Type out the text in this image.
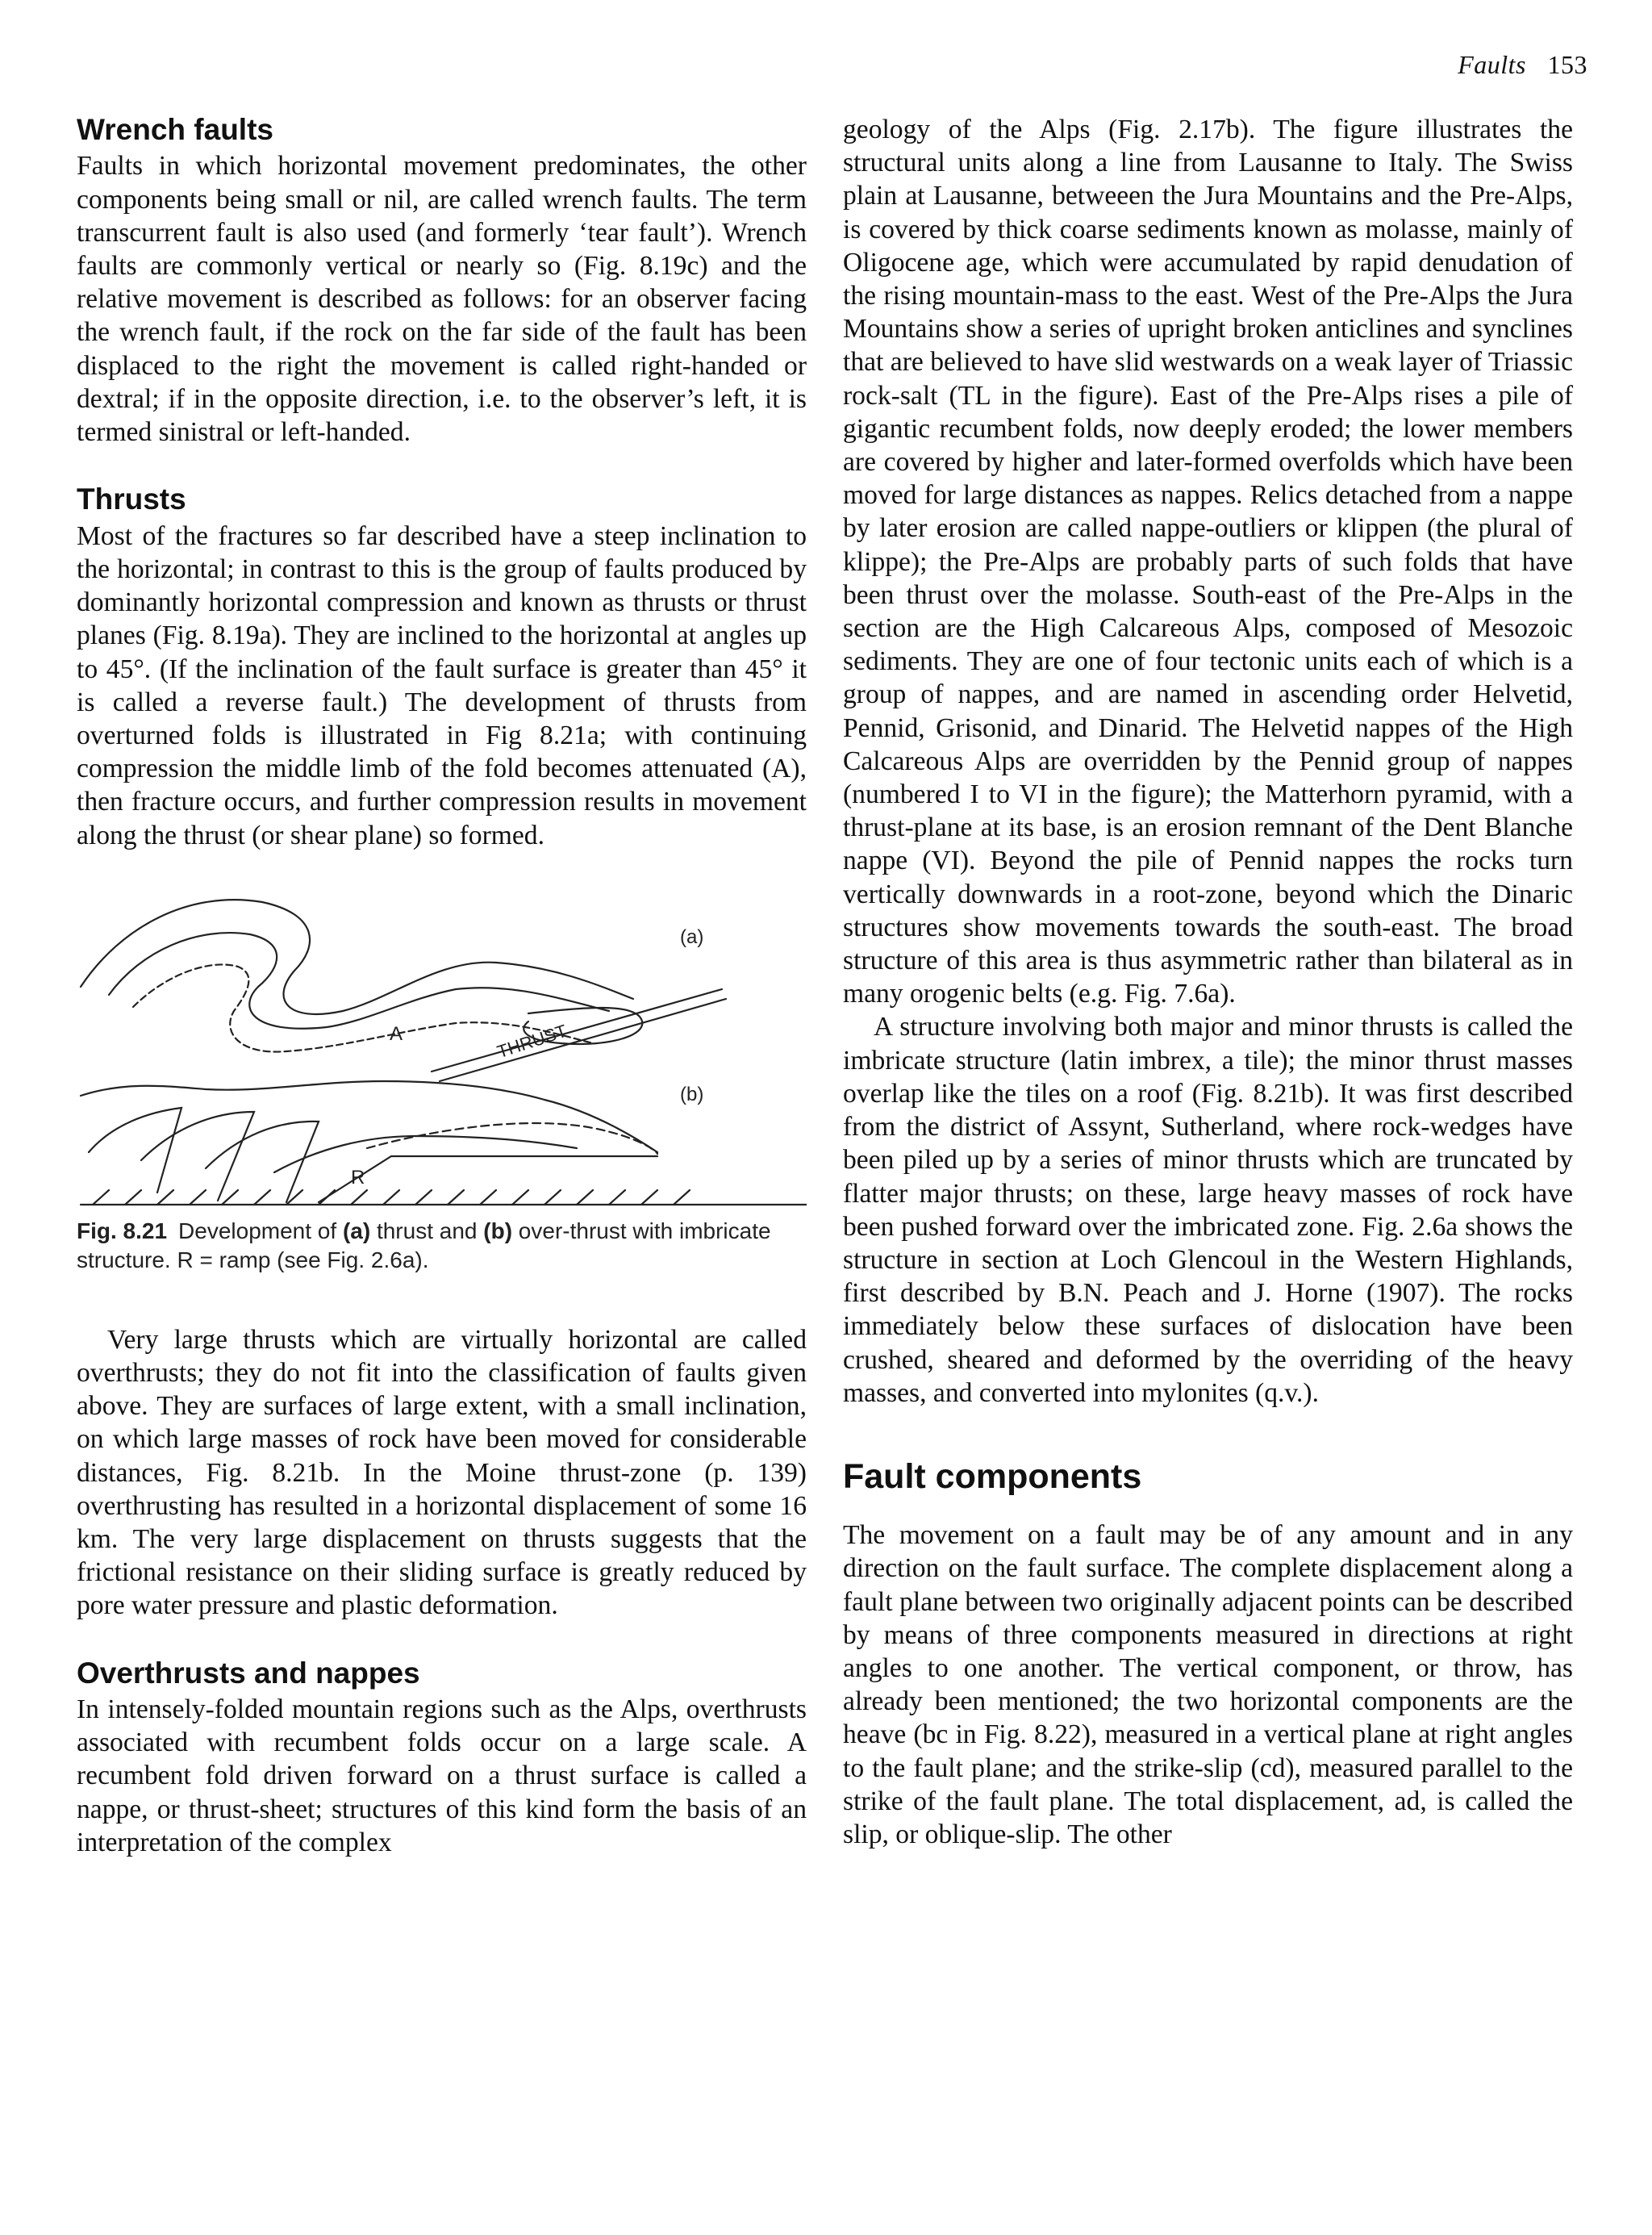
Faults 153
Wrench faults

Faults in which horizontal movement predominates, the other components being small or nil, are called wrench faults. The term transcurrent fault is also used (and formerly ‘tear fault’). Wrench faults are commonly vertical or nearly so (Fig. 8.19c) and the relative movement is described as follows: for an observer facing the wrench fault, if the rock on the far side of the fault has been displaced to the right the movement is called right-handed or dextral; if in the opposite direction, i.e. to the observer’s left, it is termed sinistral or left-handed.

Thrusts

Most of the fractures so far described have a steep inclination to the horizontal; in contrast to this is the group of faults produced by dominantly horizontal compression and known as thrusts or thrust planes (Fig. 8.19a). They are inclined to the horizontal at angles up to 45°. (If the inclination of the fault surface is greater than 45° it is called a reverse fault.) The development of thrusts from overturned folds is illustrated in Fig 8.21a; with continuing compression the middle limb of the fold becomes attenuated (A), then fracture occurs, and further compression results in movement along the thrust (or shear plane) so formed.

(a)
(b)
A	THRUST
R
Fig. 8.21 Development of (a) thrust and (b) over-thrust with imbricate structure. R = ramp (see Fig. 2.6a).

Very large thrusts which are virtually horizontal are called overthrusts; they do not fit into the classification of faults given above. They are surfaces of large extent, with a small inclination, on which large masses of rock have been moved for considerable distances, Fig. 8.21b. In the Moine thrust-zone (p. 139) overthrusting has resulted in a horizontal displacement of some 16 km. The very large displacement on thrusts suggests that the frictional resistance on their sliding surface is greatly reduced by pore water pressure and plastic deformation.

Overthrusts and nappes

In intensely-folded mountain regions such as the Alps, overthrusts associated with recumbent folds occur on a large scale. A recumbent fold driven forward on a thrust surface is called a nappe, or thrust-sheet; structures of this kind form the basis of an interpretation of the complex

geology of the Alps (Fig. 2.17b). The figure illustrates the structural units along a line from Lausanne to Italy. The Swiss plain at Lausanne, betweeen the Jura Mountains and the Pre-Alps, is covered by thick coarse sediments known as molasse, mainly of Oligocene age, which were accumulated by rapid denudation of the rising mountain-mass to the east. West of the Pre-Alps the Jura Mountains show a series of upright broken anticlines and synclines that are believed to have slid westwards on a weak layer of Triassic rock-salt (TL in the figure). East of the Pre-Alps rises a pile of gigantic recumbent folds, now deeply eroded; the lower members are covered by higher and later-formed overfolds which have been moved for large distances as nappes. Relics detached from a nappe by later erosion are called nappe-outliers or klippen (the plural of klippe); the Pre-Alps are probably parts of such folds that have been thrust over the molasse. South-east of the Pre-Alps in the section are the High Calcareous Alps, composed of Mesozoic sediments. They are one of four tectonic units each of which is a group of nappes, and are named in ascending order Helvetid, Pennid, Grisonid, and Dinarid. The Helvetid nappes of the High Calcareous Alps are overridden by the Pennid group of nappes (numbered I to VI in the figure); the Matterhorn pyramid, with a thrust-plane at its base, is an erosion remnant of the Dent Blanche nappe (VI). Beyond the pile of Pennid nappes the rocks turn vertically downwards in a root-zone, beyond which the Dinaric structures show movements towards the south-east. The broad structure of this area is thus asymmetric rather than bilateral as in many orogenic belts (e.g. Fig. 7.6a).

A structure involving both major and minor thrusts is called the imbricate structure (latin imbrex, a tile); the minor thrust masses overlap like the tiles on a roof (Fig. 8.21b). It was first described from the district of Assynt, Sutherland, where rock-wedges have been piled up by a series of minor thrusts which are truncated by flatter major thrusts; on these, large heavy masses of rock have been pushed forward over the imbricated zone. Fig. 2.6a shows the structure in section at Loch Glencoul in the Western Highlands, first described by B.N. Peach and J. Horne (1907). The rocks immediately below these surfaces of dislocation have been crushed, sheared and deformed by the overriding of the heavy masses, and converted into mylonites (q.v.).

Fault components

The movement on a fault may be of any amount and in any direction on the fault surface. The complete displacement along a fault plane between two originally adjacent points can be described by means of three components measured in directions at right angles to one another. The vertical component, or throw, has already been mentioned; the two horizontal components are the heave (bc in Fig. 8.22), measured in a vertical plane at right angles to the fault plane; and the strike-slip (cd), measured parallel to the strike of the fault plane. The total displacement, ad, is called the slip, or oblique-slip. The other
